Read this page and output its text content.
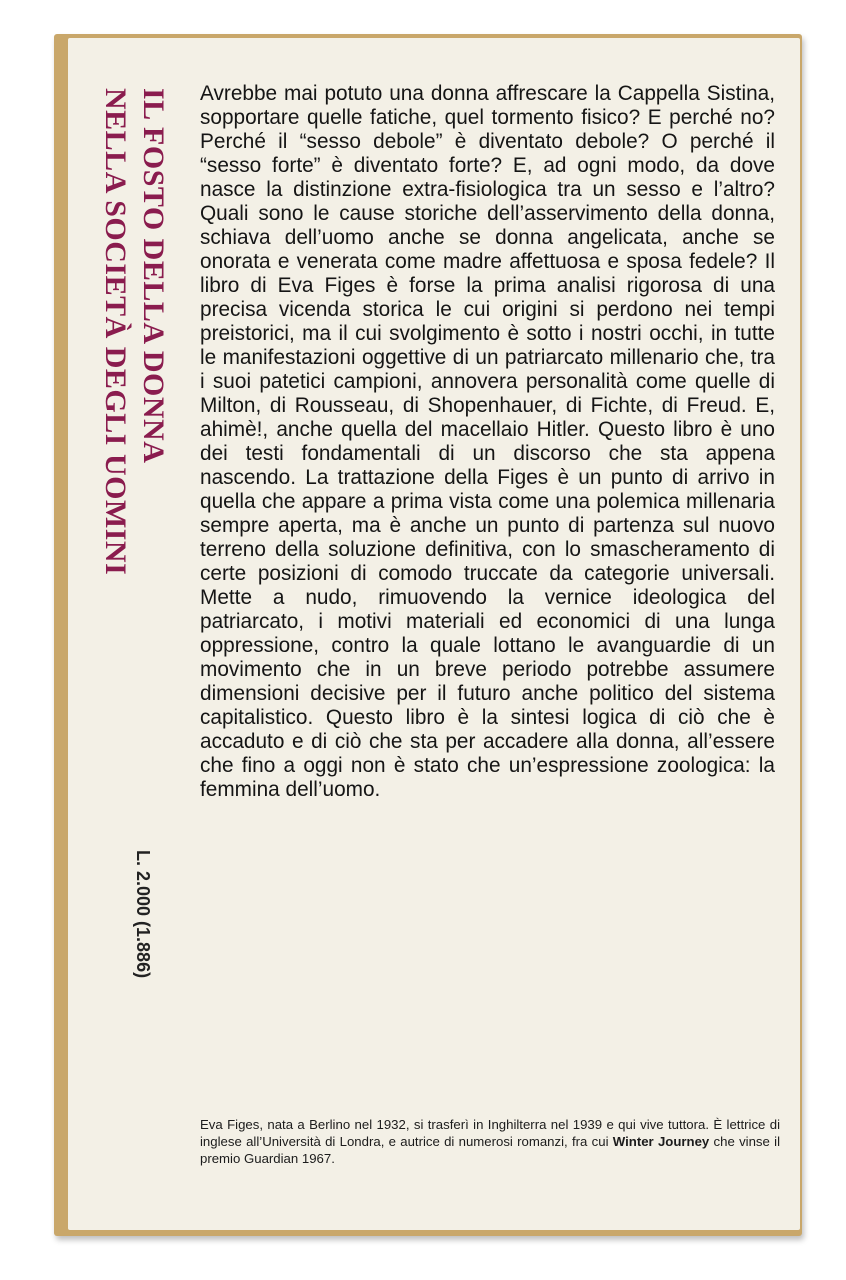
IL FOSTO DELLA DONNA
NELLA SOCIETÀ DEGLI UOMINI
L. 2.000 (1.886)

Avrebbe mai potuto una donna affrescare la Cappella Sistina, sopportare quelle fatiche, quel tormento fisico? E perché no? Perché il “sesso debole” è diventato debole? O perché il “sesso forte” è diventato forte? E, ad ogni modo, da dove nasce la distinzione extra-fisiologica tra un sesso e l’altro? Quali sono le cause storiche dell’asservimento della donna, schiava dell’uomo anche se donna angelicata, anche se onorata e venerata come madre affettuosa e sposa fedele? Il libro di Eva Figes è forse la prima analisi rigorosa di una precisa vicenda storica le cui origini si perdono nei tempi preistorici, ma il cui svolgimento è sotto i nostri occhi, in tutte le manifestazioni oggettive di un patriarcato millenario che, tra i suoi patetici campioni, annovera personalità come quelle di Milton, di Rousseau, di Shopenhauer, di Fichte, di Freud. E, ahimè!, anche quella del macellaio Hitler. Questo libro è uno dei testi fondamentali di un discorso che sta appena nascendo. La trattazione della Figes è un punto di arrivo in quella che appare a prima vista come una polemica millenaria sempre aperta, ma è anche un punto di partenza sul nuovo terreno della soluzione definitiva, con lo smascheramento di certe posizioni di comodo truccate da categorie universali. Mette a nudo, rimuovendo la vernice ideologica del patriarcato, i motivi materiali ed economici di una lunga oppressione, contro la quale lottano le avanguardie di un movimento che in un breve periodo potrebbe assumere dimensioni decisive per il futuro anche politico del sistema capitalistico. Questo libro è la sintesi logica di ciò che è accaduto e di ciò che sta per accadere alla donna, all’essere che fino a oggi non è stato che un’espressione zoologica: la femmina dell’uomo.

Eva Figes, nata a Berlino nel 1932, si trasferì in Inghilterra nel 1939 e qui vive tuttora. È lettrice di inglese all’Università di Londra, e autrice di numerosi romanzi, fra cui Winter Journey che vinse il premio Guardian 1967.
